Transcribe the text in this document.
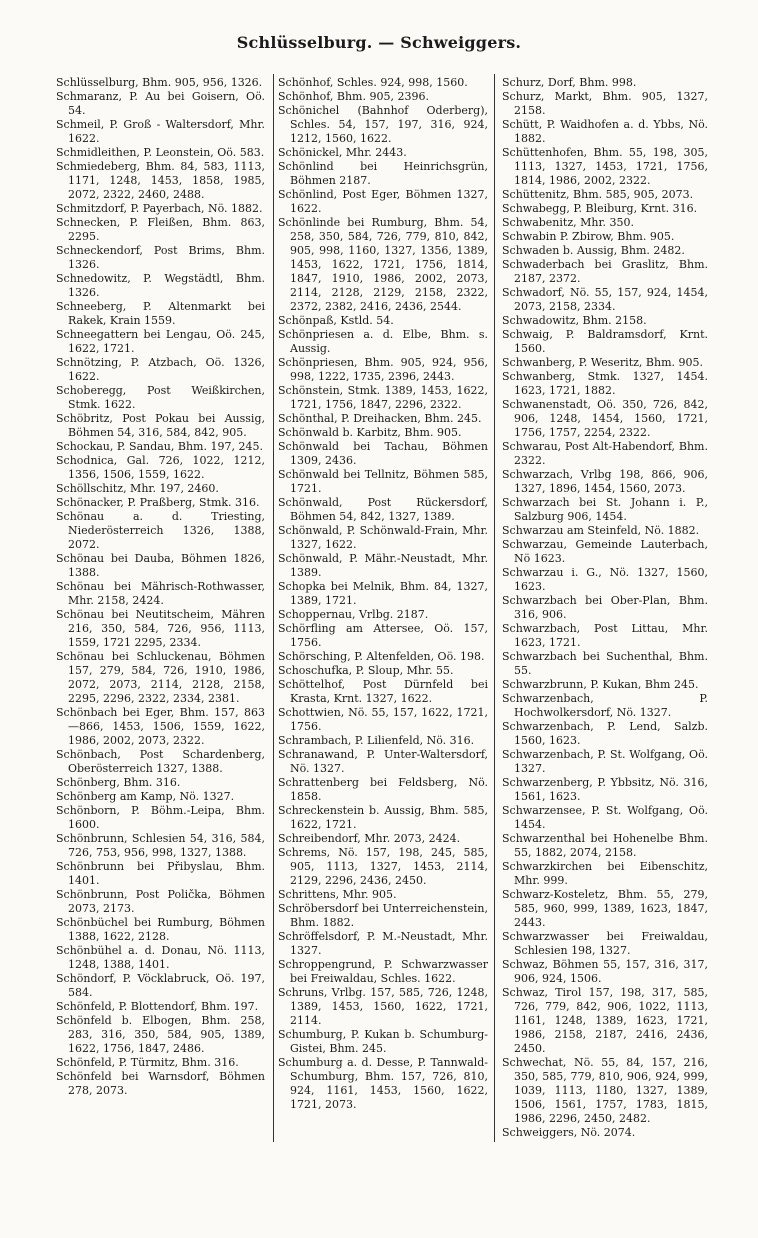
Schlüsselburg. — Schweiggers.
Schlüsselburg, Bhm. 905, 956, 1326.
Schmaranz, P. Au bei Goisern, Oö. 54.
Schmeil, P. Groß - Waltersdorf, Mhr. 1622.
Schmidleithen, P. Leonstein, Oö. 583.
Schmiedeberg, Bhm. 84, 583, 1113, 1171, 1248, 1453, 1858, 1985, 2072, 2322, 2460, 2488.
Schmitzdorf, P. Payerbach, Nö. 1882.
Schnecken, P. Fleißen, Bhm. 863, 2295.
Schneckendorf, Post Brims, Bhm. 1326.
Schnedowitz, P. Wegstädtl, Bhm. 1326.
Schneeberg, P. Altenmarkt bei Rakek, Krain 1559.
Schneegattern bei Lengau, Oö. 245, 1622, 1721.
Schnötzing, P. Atzbach, Oö. 1326, 1622.
Schoberegg, Post Weißkirchen, Stmk. 1622.
Schöbritz, Post Pokau bei Aussig, Böhmen 54, 316, 584, 842, 905.
Schockau, P. Sandau, Bhm. 197, 245.
Schodnica, Gal. 726, 1022, 1212, 1356, 1506, 1559, 1622.
Schöllschitz, Mhr. 197, 2460.
Schönacker, P. Praßberg, Stmk. 316.
Schönau a. d. Triesting, Niederösterreich 1326, 1388, 2072.
Schönau bei Dauba, Böhmen 1826, 1388.
Schönau bei Mährisch-Rothwasser, Mhr. 2158, 2424.
Schönau bei Neutitscheim, Mähren 216, 350, 584, 726, 956, 1113, 1559, 1721 2295, 2334.
Schönau bei Schluckenau, Böhmen 157, 279, 584, 726, 1910, 1986, 2072, 2073, 2114, 2128, 2158, 2295, 2296, 2322, 2334, 2381.
Schönbach bei Eger, Bhm. 157, 863—866, 1453, 1506, 1559, 1622, 1986, 2002, 2073, 2322.
Schönbach, Post Schardenberg, Oberösterreich 1327, 1388.
Schönberg, Bhm. 316.
Schönberg am Kamp, Nö. 1327.
Schönborn, P. Böhm.-Leipa, Bhm. 1600.
Schönbrunn, Schlesien 54, 316, 584, 726, 753, 956, 998, 1327, 1388.
Schönbrunn bei Přibyslau, Bhm. 1401.
Schönbrunn, Post Polička, Böhmen 2073, 2173.
Schönbüchel bei Rumburg, Böhmen 1388, 1622, 2128.
Schönbühel a. d. Donau, Nö. 1113, 1248, 1388, 1401.
Schöndorf, P. Vöcklabruck, Oö. 197, 584.
Schönfeld, P. Blottendorf, Bhm. 197.
Schönfeld b. Elbogen, Bhm. 258, 283, 316, 350, 584, 905, 1389, 1622, 1756, 1847, 2486.
Schönfeld, P. Türmitz, Bhm. 316.
Schönfeld bei Warnsdorf, Böhmen 278, 2073.
Schönhof, Schles. 924, 998, 1560.
Schönhof, Bhm. 905, 2396.
Schönichel (Bahnhof Oderberg), Schles. 54, 157, 197, 316, 924, 1212, 1560, 1622.
Schönickel, Mhr. 2443.
Schönlind bei Heinrichsgrün, Böhmen 2187.
Schönlind, Post Eger, Böhmen 1327, 1622.
Schönlinde bei Rumburg, Bhm. 54, 258, 350, 584, 726, 779, 810, 842, 905, 998, 1160, 1327, 1356, 1389, 1453, 1622, 1721, 1756, 1814, 1847, 1910, 1986, 2002, 2073, 2114, 2128, 2129, 2158, 2322, 2372, 2382, 2416, 2436, 2544.
Schönpaß, Kstld. 54.
Schönpriesen a. d. Elbe, Bhm. s. Aussig.
Schönpriesen, Bhm. 905, 924, 956, 998, 1222, 1735, 2396, 2443.
Schönstein, Stmk. 1389, 1453, 1622, 1721, 1756, 1847, 2296, 2322.
Schönthal, P. Dreihacken, Bhm. 245.
Schönwald b. Karbitz, Bhm. 905.
Schönwald bei Tachau, Böhmen 1309, 2436.
Schönwald bei Tellnitz, Böhmen 585, 1721.
Schönwald, Post Rückersdorf, Böhmen 54, 842, 1327, 1389.
Schönwald, P. Schönwald-Frain, Mhr. 1327, 1622.
Schönwald, P. Mähr.-Neustadt, Mhr. 1389.
Schopka bei Melnik, Bhm. 84, 1327, 1389, 1721.
Schoppernau, Vrlbg. 2187.
Schörfling am Attersee, Oö. 157, 1756.
Schörsching, P. Altenfelden, Oö. 198.
Schoschufka, P. Sloup, Mhr. 55.
Schöttelhof, Post Dürnfeld bei Krasta, Krnt. 1327, 1622.
Schottwien, Nö. 55, 157, 1622, 1721, 1756.
Schrambach, P. Lilienfeld, Nö. 316.
Schranawand, P. Unter-Waltersdorf, Nö. 1327.
Schrattenberg bei Feldsberg, Nö. 1858.
Schreckenstein b. Aussig, Bhm. 585, 1622, 1721.
Schreibendorf, Mhr. 2073, 2424.
Schrems, Nö. 157, 198, 245, 585, 905, 1113, 1327, 1453, 2114, 2129, 2296, 2436, 2450.
Schrittens, Mhr. 905.
Schröbersdorf bei Unterreichenstein, Bhm. 1882.
Schröffelsdorf, P. M.-Neustadt, Mhr. 1327.
Schroppengrund, P. Schwarzwasser bei Freiwaldau, Schles. 1622.
Schruns, Vrlbg. 157, 585, 726, 1248, 1389, 1453, 1560, 1622, 1721, 2114.
Schumburg, P. Kukan b. Schumburg-Gistei, Bhm. 245.
Schumburg a. d. Desse, P. Tannwald-Schumburg, Bhm. 157, 726, 810, 924, 1161, 1453, 1560, 1622, 1721, 2073.
Schurz, Dorf, Bhm. 998.
Schurz, Markt, Bhm. 905, 1327, 2158.
Schütt, P. Waidhofen a. d. Ybbs, Nö. 1882.
Schüttenhofen, Bhm. 55, 198, 305, 1113, 1327, 1453, 1721, 1756, 1814, 1986, 2002, 2322.
Schüttenitz, Bhm. 585, 905, 2073.
Schwabegg, P. Bleiburg, Krnt. 316.
Schwabenitz, Mhr. 350.
Schwabin P. Zbirow, Bhm. 905.
Schwaden b. Aussig, Bhm. 2482.
Schwaderbach bei Graslitz, Bhm. 2187, 2372.
Schwadorf, Nö. 55, 157, 924, 1454, 2073, 2158, 2334.
Schwadowitz, Bhm. 2158.
Schwaig, P. Baldramsdorf, Krnt. 1560.
Schwanberg, P. Weseritz, Bhm. 905.
Schwanberg, Stmk. 1327, 1454. 1623, 1721, 1882.
Schwanenstadt, Oö. 350, 726, 842, 906, 1248, 1454, 1560, 1721, 1756, 1757, 2254, 2322.
Schwarau, Post Alt-Habendorf, Bhm. 2322.
Schwarzach, Vrlbg 198, 866, 906, 1327, 1896, 1454, 1560, 2073.
Schwarzach bei St. Johann i. P., Salzburg 906, 1454.
Schwarzau am Steinfeld, Nö. 1882.
Schwarzau, Gemeinde Lauterbach, Nö 1623.
Schwarzau i. G., Nö. 1327, 1560, 1623.
Schwarzbach bei Ober-Plan, Bhm. 316, 906.
Schwarzbach, Post Littau, Mhr. 1623, 1721.
Schwarzbach bei Suchenthal, Bhm. 55.
Schwarzbrunn, P. Kukan, Bhm 245.
Schwarzenbach, P. Hochwolkersdorf, Nö. 1327.
Schwarzenbach, P. Lend, Salzb. 1560, 1623.
Schwarzenbach, P. St. Wolfgang, Oö. 1327.
Schwarzenberg, P. Ybbsitz, Nö. 316, 1561, 1623.
Schwarzensee, P. St. Wolfgang, Oö. 1454.
Schwarzenthal bei Hohenelbe Bhm. 55, 1882, 2074, 2158.
Schwarzkirchen bei Eibenschitz, Mhr. 999.
Schwarz-Kosteletz, Bhm. 55, 279, 585, 960, 999, 1389, 1623, 1847, 2443.
Schwarzwasser bei Freiwaldau, Schlesien 198, 1327.
Schwaz, Böhmen 55, 157, 316, 317, 906, 924, 1506.
Schwaz, Tirol 157, 198, 317, 585, 726, 779, 842, 906, 1022, 1113, 1161, 1248, 1389, 1623, 1721, 1986, 2158, 2187, 2416, 2436, 2450.
Schwechat, Nö. 55, 84, 157, 216, 350, 585, 779, 810, 906, 924, 999, 1039, 1113, 1180, 1327, 1389, 1506, 1561, 1757, 1783, 1815, 1986, 2296, 2450, 2482.
Schweiggers, Nö. 2074.
